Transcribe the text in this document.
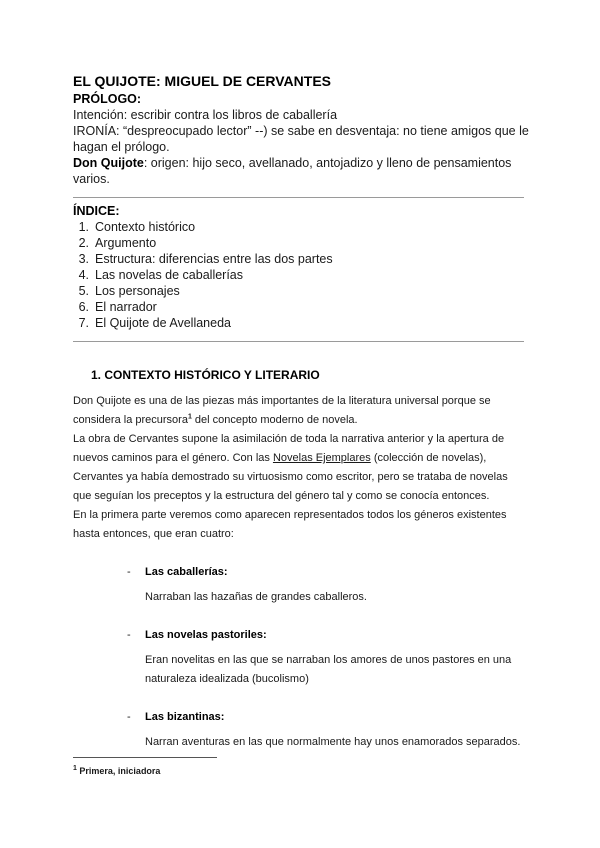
EL QUIJOTE: MIGUEL DE CERVANTES
PRÓLOGO:
Intención: escribir contra los libros de caballería
IRONÍA: “despreocupado lector” --) se sabe en desventaja: no tiene amigos que le
hagan el prólogo.
Don Quijote: origen: hijo seco, avellanado, antojadizo y lleno de pensamientos
varios.
ÍNDICE:
1. Contexto histórico
2. Argumento
3. Estructura: diferencias entre las dos partes
4. Las novelas de caballerías
5. Los personajes
6. El narrador
7. El Quijote de Avellaneda
1. CONTEXTO HISTÓRICO Y LITERARIO
Don Quijote es una de las piezas más importantes de la literatura universal porque se
considera la precursora$^1$ del concepto moderno de novela.
La obra de Cervantes supone la asimilación de toda la narrativa anterior y la apertura de
nuevos caminos para el género. Con las Novelas Ejemplares (colección de novelas),
Cervantes ya había demostrado su virtuosismo como escritor, pero se trataba de novelas
que seguían los preceptos y la estructura del género tal y como se conocía entonces.
En la primera parte veremos como aparecen representados todos los géneros existentes
hasta entonces, que eran cuatro:
- Las caballerías:
Narraban las hazañas de grandes caballeros.
- Las novelas pastoriles:
Eran novelitas en las que se narraban los amores de unos pastores en una
naturaleza idealizada (bucolismo)
- Las bizantinas:
Narran aventuras en las que normalmente hay unos enamorados separados.
$^1$ Primera, iniciadora
